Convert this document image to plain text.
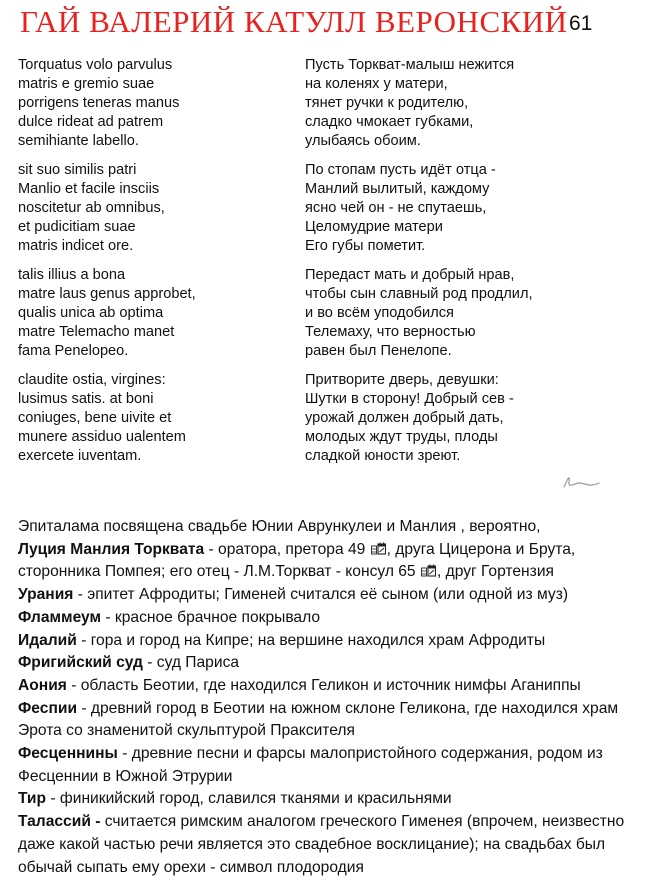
ГАЙ ВАЛЕРИЙ КАТУЛЛ ВЕРОНСКИЙ 61
Torquatus volo parvulus
matris e gremio suae
porrigens teneras manus
dulce rideat ad patrem
semihiante labello.
sit suo similis patri
Manlio et facile insciis
noscitetur ab omnibus,
et pudicitiam suae
matris indicet ore.
talis illius a bona
matre laus genus approbet,
qualis unica ab optima
matre Telemacho manet
fama Penelopeo.
claudite ostia, virgines:
lusimus satis. at boni
coniuges, bene uivite et
munere assiduo ualentem
exercete iuventam.
Пусть Торкват-малыш нежится
на коленях у матери,
тянет ручки к родителю,
сладко чмокает губками,
улыбаясь обоим.
По стопам пусть идёт отца -
Манлий вылитый, каждому
ясно чей он - не спутаешь,
Целомудрие матери
Его губы пометит.
Передаст мать и добрый нрав,
чтобы сын славный род продлил,
и во всём уподобился
Телемаху, что верностью
равен был Пенелопе.
Притворите дверь, девушки:
Шутки в сторону! Добрый сев -
урожай должен добрый дать,
молодых ждут труды, плоды
сладкой юности зреют.
Эпиталама посвящена свадьбе Юнии Аврункулеи и Манлия , вероятно,
Луция Манлия Торквата - оратора, претора 49 , друга Цицерона и Брута, сторонника Помпея; его отец - Л.М.Торкват - консул 65 , друг Гортензия
Урания - эпитет Афродиты; Гименей считался её сыном (или одной из муз)
Фламмеум - красное брачное покрывало
Идалий - гора и город на Кипре; на вершине находился храм Афродиты
Фригийский суд - суд Париса
Аония - область Беотии, где находился Геликон и источник нимфы Аганиппы
Феспии - древний город в Беотии на южном склоне Геликона, где находился храм Эрота со знаменитой скульптурой Праксителя
Фесценнины - древние песни и фарсы малопристойного содержания, родом из Фесценнии в Южной Этрурии
Тир - финикийский город, славился тканями и красильнями
Талассий - считается римским аналогом греческого Гименея (впрочем, неизвестно даже какой частью речи является это свадебное восклицание); на свадьбах был обычай сыпать ему орехи - символ плодородия
